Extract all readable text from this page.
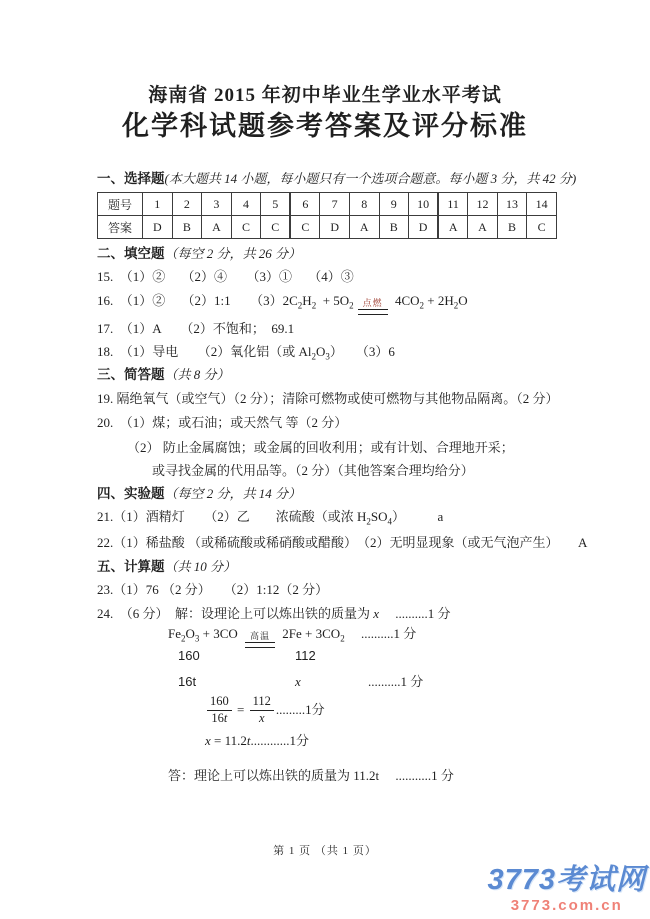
海南省 2015 年初中毕业生学业水平考试
化学科试题参考答案及评分标准
一、选择题(本大题共 14 小题，每小题只有一个选项合题意。每小题 3 分，共 42 分)
题号	1	2	3	4	5	6	7	8	9	10	11	12	13	14
答案	D	B	A	C	C	C	D	A	B	D	A	A	B	C
二、填空题（每空 2 分，共 26 分）
15.　（1）②　 （2）④　　（3）①　 （4）③
16.　（1）②　 （2）1:1　　$(3)2C_2H_2 + 5O_2$	点燃 $4CO_2 + 2H_2O$
17.　（1）A　　（2）不饱和；　69.1
18.　（1）导电　　（2）氧化铝（或 $Al_2O_3$）　　（3）6
三、简答题（共 8 分）
19. 隔绝氧气（或空气）（2 分）；清除可燃物或使可燃物与其他物品隔离。（2 分）
20.　（1）煤；或石油；或天然气 等（2 分）
（2） 防止金属腐蚀；或金属的回收利用；或有计划、合理地开采；
或寻找金属的代用品等。（2 分）（其他答案合理均给分）
四、实验题（每空 2 分，共 14 分）
21.（1）酒精灯　　（2）乙　　浓硫酸（或浓 $H_2SO_4$）　　　a
22.（1）稀盐酸 （或稀硫酸或稀硝酸或醋酸）　（2）无明显现象（或无气泡产生）　　A
五、计算题（共 10 分）
23.（1）76 （2 分）　　（2）1:12（2 分）
24.　（6 分）　解：设理论上可以炼出铁的质量为 x　 ..........1 分
$Fe_2O_3 + 3CO$	高温 $2Fe + 3CO_2$　 ..........1 分
160	112
16t	x	..........1 分
$\frac{160}{16t} = \frac{112}{x} .........1$分
x = 11.2t............1分
答：理论上可以炼出铁的质量为 11.2t　 ...........1 分
第 1 页 （共 1 页）
3773考试网
3773.com.cn
